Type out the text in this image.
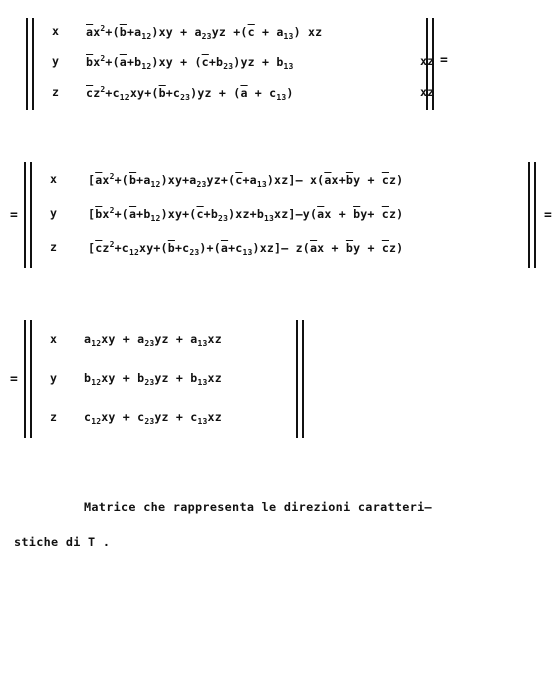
x $\overline{a}x^2+(\overline{b}+a_{12})xy + a_{23}yz +(\overline{c} + a_{13})$ xz
y $\overline{b}x^2+(\overline{a}+b_{12})xy + (\overline{c}+b_{23})yz + b_{13}$	xz
z $\overline{c}z^2+c_{12}xy+(\overline{b}+c_{23})yz + (\overline{a} + c_{13})$	xz
=
=
x	$[\overline{a}x^2+(\overline{b}+a_{12})xy+a_{23}yz+(\overline{c}+a_{13})xz]-$ $x(\overline{a}x+\overline{b}y + \overline{c}z)$
y	$[\overline{b}x^2+(\overline{a}+b_{12})xy+(\overline{c}+b_{23})xz+b_{13}xz]-y(\overline{a}x + \overline{b}y+ \overline{c}z)$
z	$[\overline{c}z^2+c_{12}xy+(\overline{b}+c_{23})+(\overline{a}+c_{13})xz]-$ $z(\overline{a}x + \overline{b}y + \overline{c}z)$
=
=
x $a_{12}xy + a_{23}yz + a_{13}xz$
y $b_{12}xy + b_{23}yz + b_{13}xz$
z $c_{12}xy + c_{23}yz + c_{13}xz$
Matrice che rappresenta le direzioni caratteri–
stiche di T .
